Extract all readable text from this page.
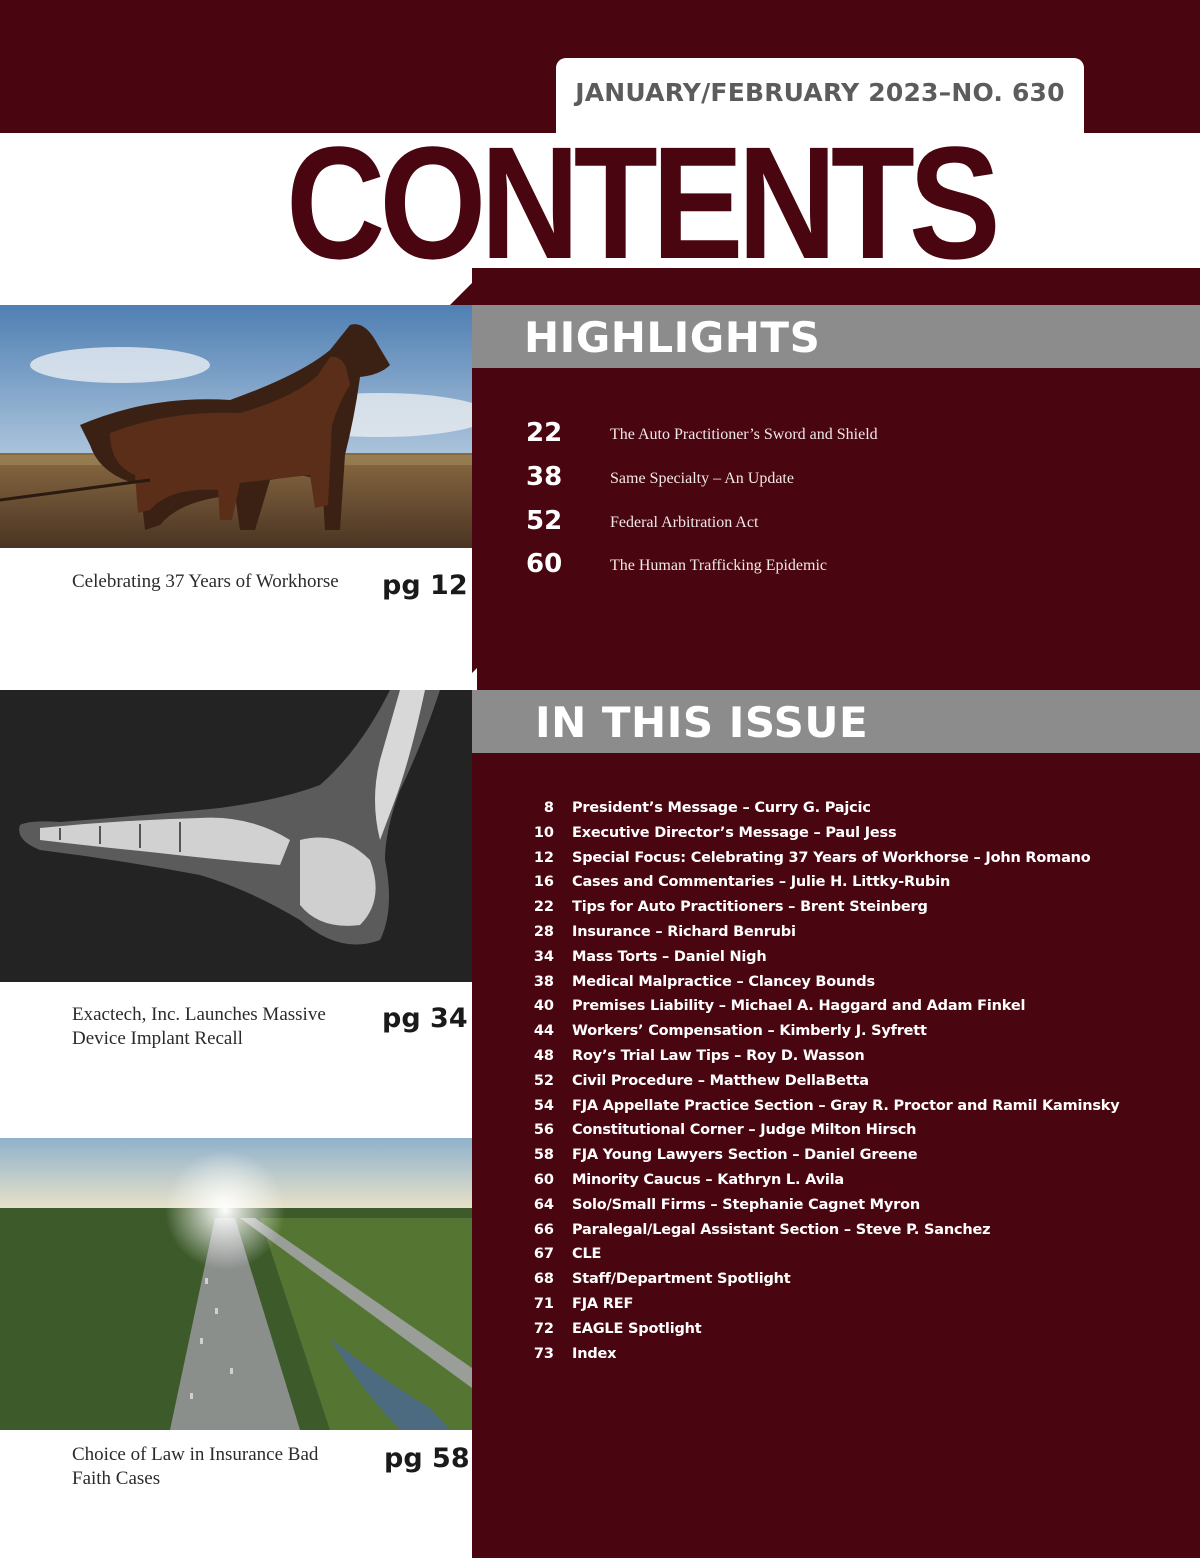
JANUARY/FEBRUARY 2023–NO. 630
CONTENTS
HIGHLIGHTS
IN THIS ISSUE
Celebrating 37 Years of Workhorse	pg 12
Exactech, Inc. Launches Massive Device Implant Recall
pg 34
Choice of Law in Insurance Bad Faith Cases
pg 58
22	The Auto Practitioner’s Sword and Shield
38	Same Specialty – An Update
52	Federal Arbitration Act
60	The Human Trafficking Epidemic
8 President’s Message – Curry G. Pajcic
10 Executive Director’s Message – Paul Jess
12 Special Focus: Celebrating 37 Years of Workhorse – John Romano
16 Cases and Commentaries – Julie H. Littky-Rubin
22 Tips for Auto Practitioners – Brent Steinberg
28 Insurance – Richard Benrubi
34 Mass Torts – Daniel Nigh
38 Medical Malpractice – Clancey Bounds
40 Premises Liability – Michael A. Haggard and Adam Finkel
44 Workers’ Compensation – Kimberly J. Syfrett
48 Roy’s Trial Law Tips – Roy D. Wasson
52 Civil Procedure – Matthew DellaBetta
54 FJA Appellate Practice Section – Gray R. Proctor and Ramil Kaminsky
56 Constitutional Corner – Judge Milton Hirsch
58 FJA Young Lawyers Section – Daniel Greene
60 Minority Caucus – Kathryn L. Avila
64 Solo/Small Firms – Stephanie Cagnet Myron
66 Paralegal/Legal Assistant Section – Steve P. Sanchez
67 CLE
68 Staff/Department Spotlight
71 FJA REF
72 EAGLE Spotlight
73 Index
